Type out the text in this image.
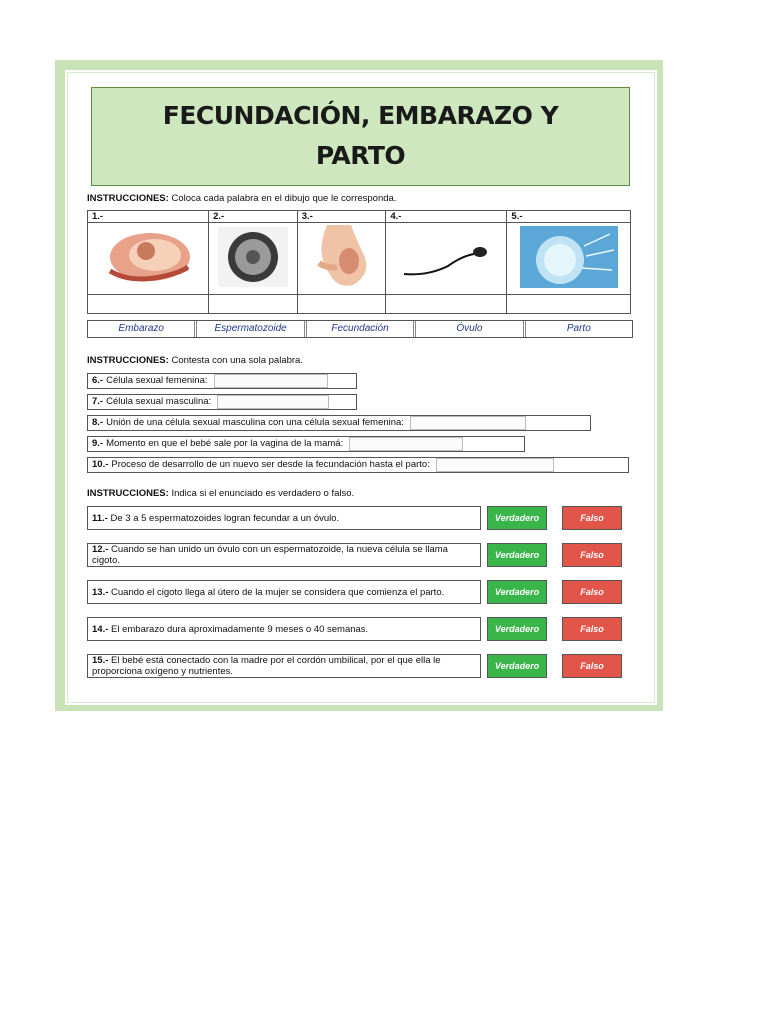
FECUNDACIÓN, EMBARAZO Y
PARTO

INSTRUCCIONES: Coloca cada palabra en el dibujo que le corresponda.

1.-	2.-	3.-	4.-	5.-

Embarazo	Espermatozoide	Fecundación	Óvulo	Parto

INSTRUCCIONES: Contesta con una sola palabra.

6.- Célula sexual femenina:
7.- Célula sexual masculina:
8.- Unión de una célula sexual masculina con una célula sexual femenina:
9.- Momento en que el bebé sale por la vagina de la mamá:
10.- Proceso de desarrollo de un nuevo ser desde la fecundación hasta el parto:

INSTRUCCIONES: Indica si el enunciado es verdadero o falso.

11.- De 3 a 5 espermatozoides logran fecundar a un óvulo.	Verdadero	Falso
12.- Cuando se han unido un óvulo con un espermatozoide, la nueva célula se llama cigoto.	Verdadero	Falso
13.- Cuando el cigoto llega al útero de la mujer se considera que comienza el parto.	Verdadero	Falso
14.- El embarazo dura aproximadamente 9 meses o 40 semanas.	Verdadero	Falso
15.- El bebé está conectado con la madre por el cordón umbilical, por el que ella le proporciona oxígeno y nutrientes.	Verdadero	Falso
